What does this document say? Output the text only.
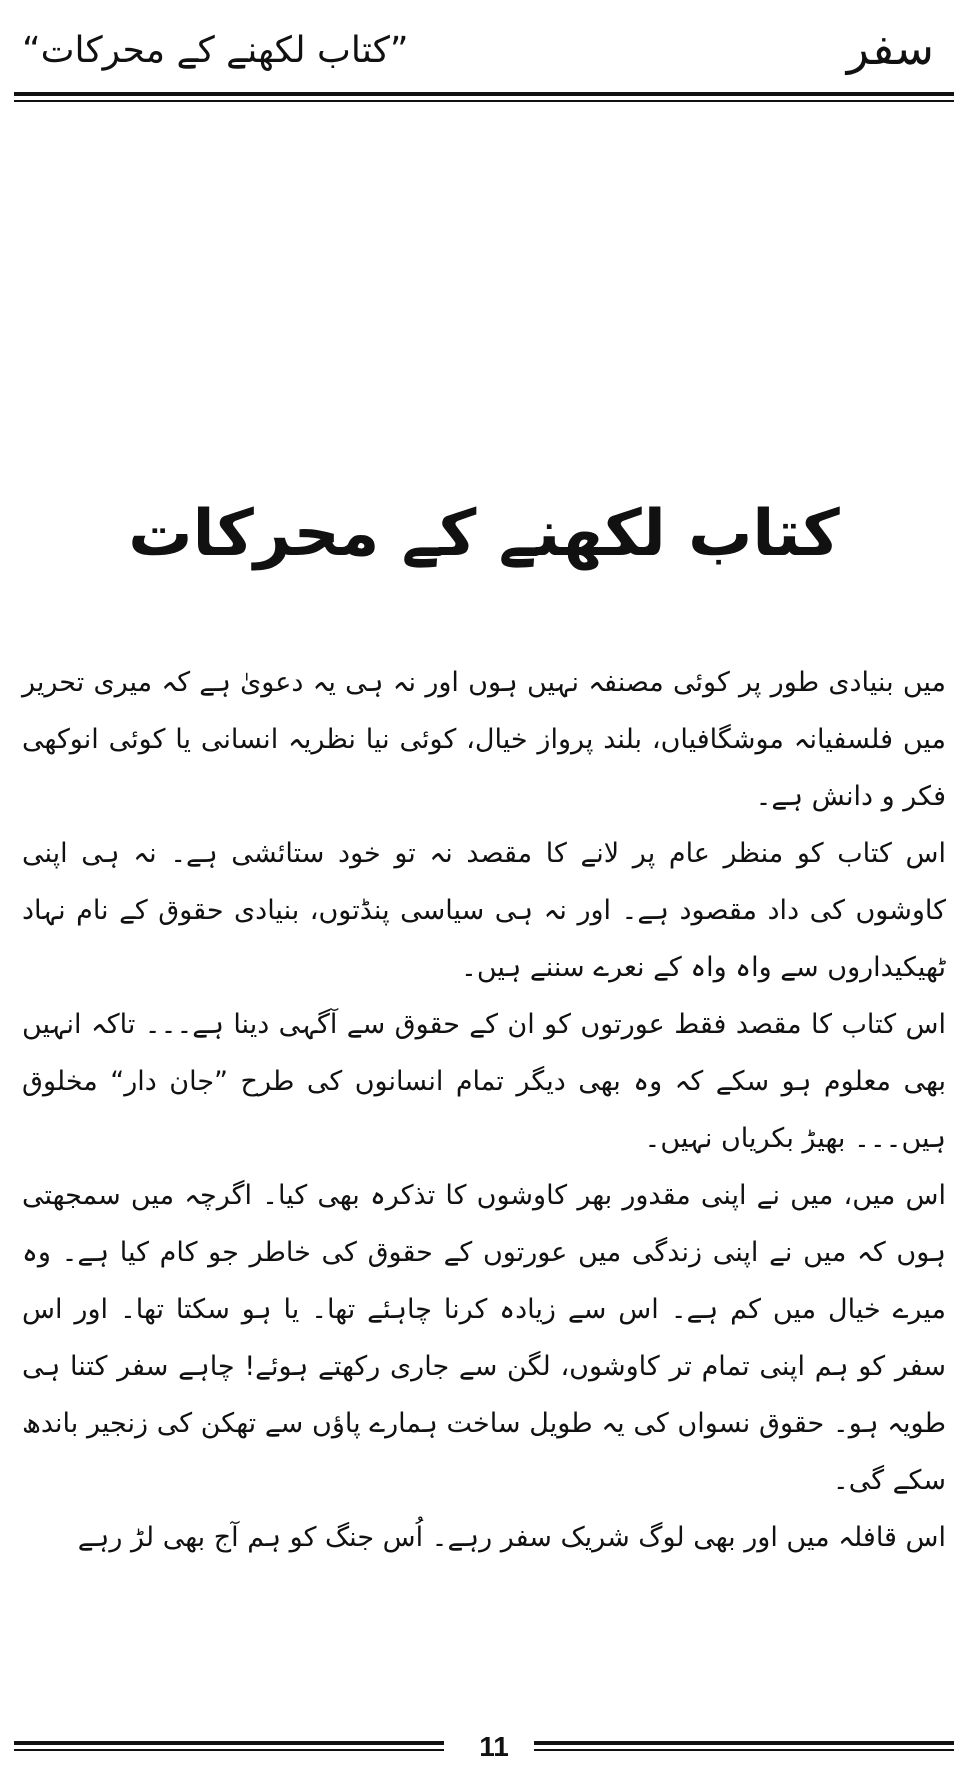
سفر
”کتاب لکھنے کے محرکات“
کتاب لکھنے کے محرکات

میں بنیادی طور پر کوئی مصنفہ نہیں ہوں اور نہ ہی یہ دعویٰ ہے کہ میری تحریر میں فلسفیانہ موشگافیاں، بلند پرواز خیال، کوئی نیا نظریہ انسانی یا کوئی انوکھی فکر و دانش ہے۔

اس کتاب کو منظر عام پر لانے کا مقصد نہ تو خود ستائشی ہے۔ نہ ہی اپنی کاوشوں کی داد مقصود ہے۔ اور نہ ہی سیاسی پنڈتوں، بنیادی حقوق کے نام نہاد ٹھیکیداروں سے واہ واہ کے نعرے سننے ہیں۔

اس کتاب کا مقصد فقط عورتوں کو ان کے حقوق سے آگہی دینا ہے۔۔۔ تاکہ انہیں بھی معلوم ہو سکے کہ وہ بھی دیگر تمام انسانوں کی طرح ”جان دار“ مخلوق ہیں۔۔۔ بھیڑ بکریاں نہیں۔

اس میں، میں نے اپنی مقدور بھر کاوشوں کا تذکرہ بھی کیا۔ اگرچہ میں سمجھتی ہوں کہ میں نے اپنی زندگی میں عورتوں کے حقوق کی خاطر جو کام کیا ہے۔ وہ میرے خیال میں کم ہے۔ اس سے زیادہ کرنا چاہئے تھا۔ یا ہو سکتا تھا۔ اور اس سفر کو ہم اپنی تمام تر کاوشوں، لگن سے جاری رکھتے ہوئے! چاہے سفر کتنا ہی طویہ ہو۔ حقوق نسواں کی یہ طویل ساخت ہمارے پاؤں سے تھکن کی زنجیر باندھ سکے گی۔

اس قافلہ میں اور بھی لوگ شریک سفر رہے۔ اُس جنگ کو ہم آج بھی لڑ رہے

11
